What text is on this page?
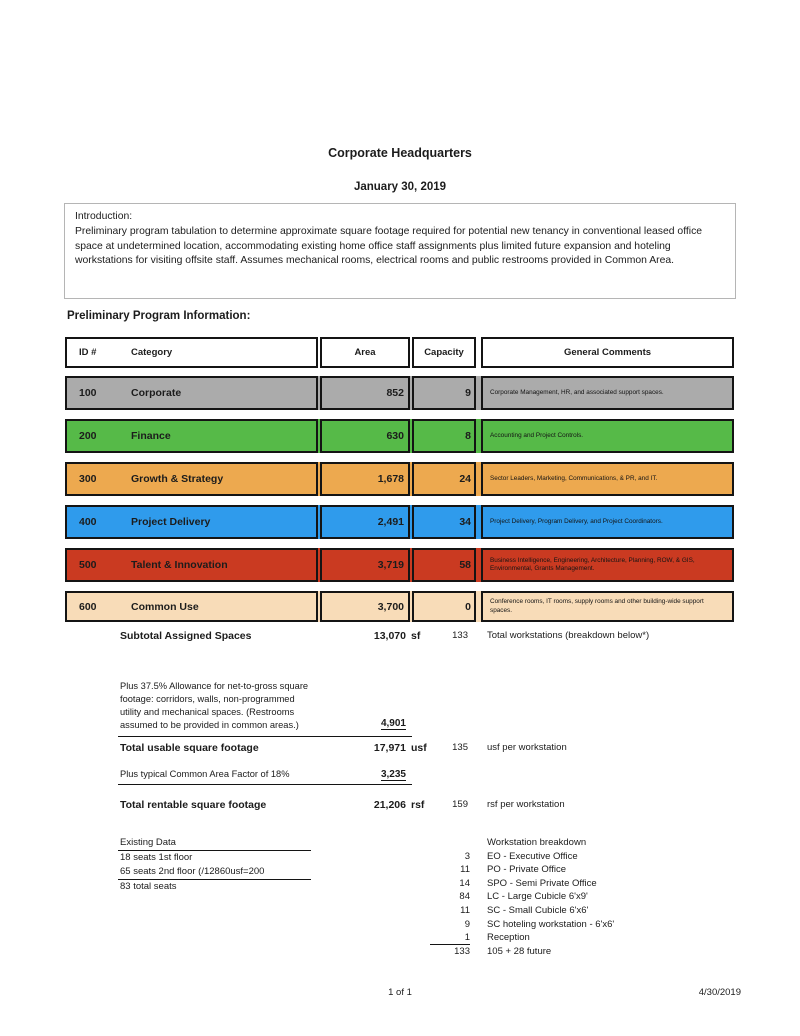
Corporate Headquarters
January 30, 2019
Introduction:
Preliminary program tabulation to determine approximate square footage required for potential new tenancy in conventional leased office space at undetermined location, accommodating existing home office staff assignments plus limited future expansion and hoteling workstations for visiting offsite staff. Assumes mechanical rooms, electrical rooms and public restrooms provided in Common Area.
Preliminary Program Information:
ID #	Category	Area	Capacity	General Comments
100	Corporate	852	9	Corporate Management, HR, and associated support spaces.
200	Finance	630	8	Accounting and Project Controls.
300	Growth & Strategy	1,678	24	Sector Leaders, Marketing, Communications, & PR, and IT.
400	Project Delivery	2,491	34	Project Delivery, Program Delivery, and Project Coordinators.
500	Talent & Innovation	3,719	58	Business Intelligence, Engineering, Architecture, Planning, ROW, & GIS, Environmental, Grants Management.
600	Common Use	3,700	0	Conference rooms, IT rooms, supply rooms and other building-wide support spaces.
Subtotal Assigned Spaces	13,070 sf	133 Total workstations (breakdown below*)
Plus 37.5% Allowance for net-to-gross square
footage: corridors, walls, non-programmed
utility and mechanical spaces. (Restrooms
assumed to be provided in common areas.)	4,901
Total usable square footage	17,971 usf	135 usf per workstation
Plus typical Common Area Factor of 18%	3,235
Total rentable square footage	21,206 rsf	159 rsf per workstation
Existing Data
18 seats 1st floor
65 seats 2nd floor (/12860usf=200
83 total seats
Workstation breakdown
3 EO - Executive Office
11 PO - Private Office
14 SPO - Semi Private Office
84 LC - Large Cubicle 6'x9'
11 SC - Small Cubicle 6'x6'
9 SC hoteling workstation - 6'x6'
1 Reception
133 105 + 28 future
1 of 1	4/30/2019
